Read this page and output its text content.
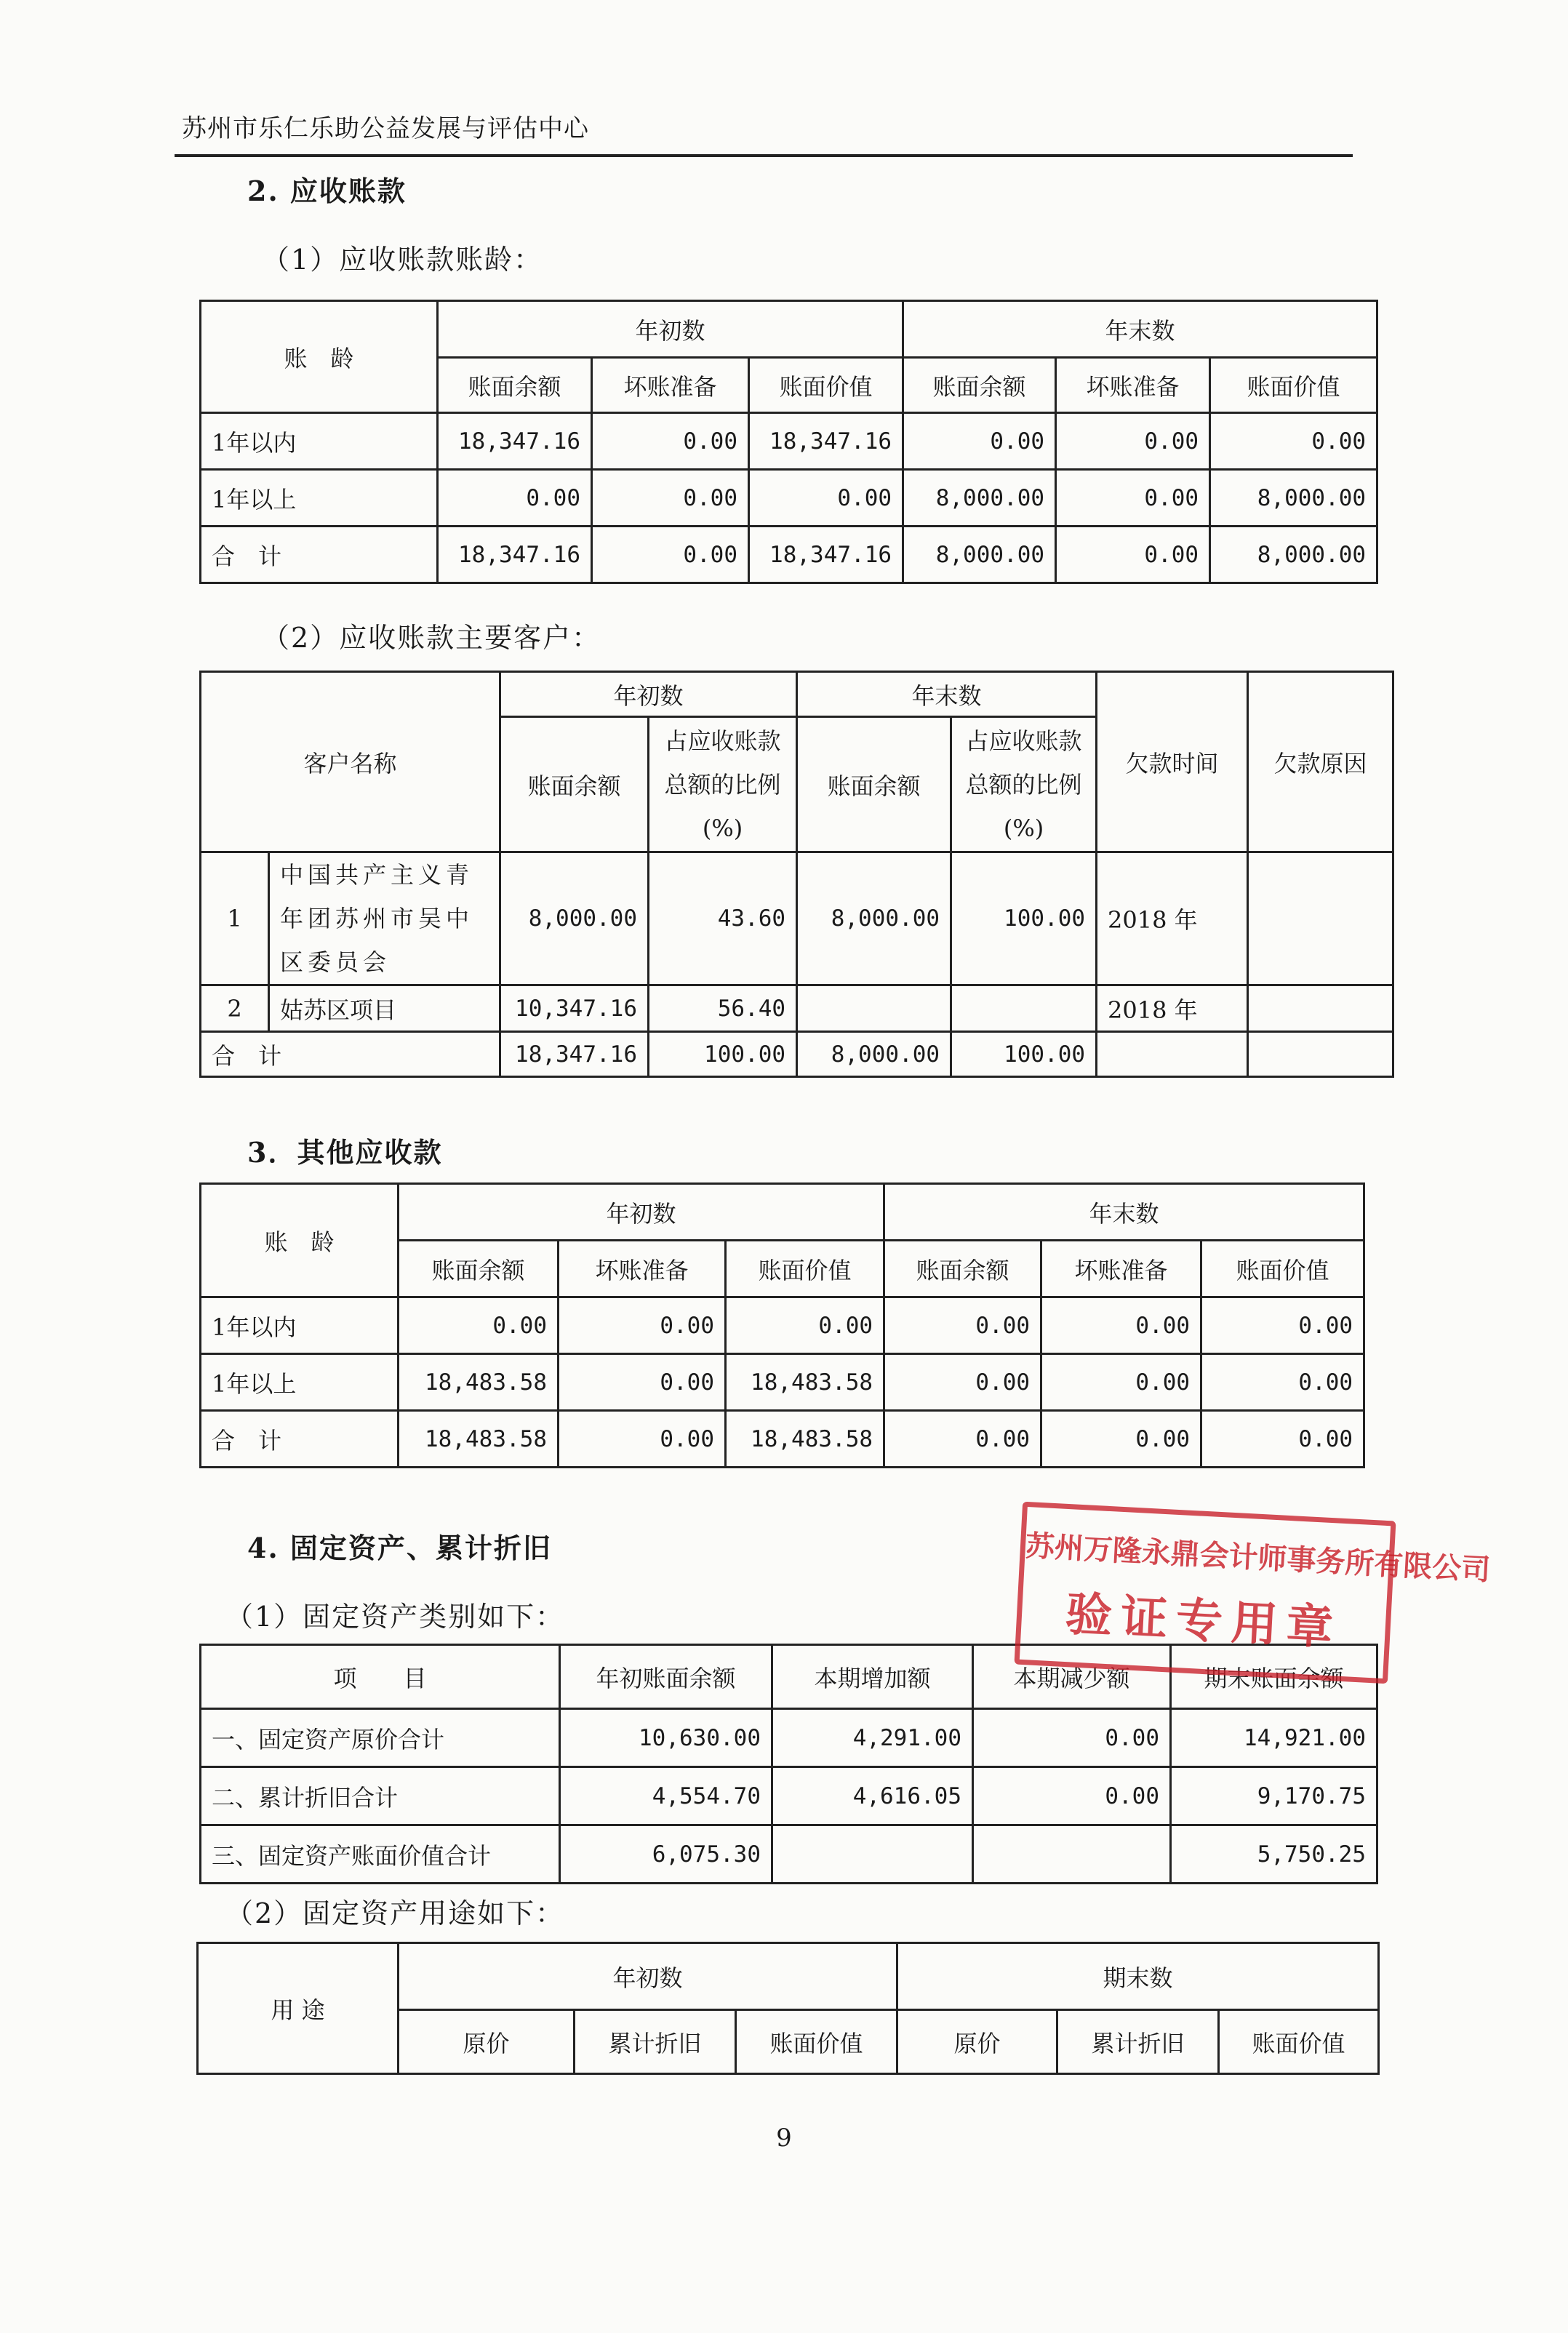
苏州市乐仁乐助公益发展与评估中心
2. 应收账款
（1）应收账款账龄：
账　龄	年初数			年末数		
	账面余额	坏账准备	账面价值	账面余额	坏账准备	账面价值
1年以内	18,347.16	0.00	18,347.16	0.00	0.00	0.00
1年以上	0.00	0.00	0.00	8,000.00	0.00	8,000.00
合　计	18,347.16	0.00	18,347.16	8,000.00	0.00	8,000.00
（2）应收账款主要客户：
客户名称		年初数		年末数		欠款时间	欠款原因
		账面余额	占应收账款总额的比例(%)	账面余额	占应收账款总额的比例(%)		
1	中国共产主义青年团苏州市吴中区委员会	8,000.00	43.60	8,000.00	100.00	2018 年	
2	姑苏区项目	10,347.16	56.40			2018 年	
合　计		18,347.16	100.00	8,000.00	100.00		
3．其他应收款
账　龄	年初数			年末数		
	账面余额	坏账准备	账面价值	账面余额	坏账准备	账面价值
1年以内	0.00	0.00	0.00	0.00	0.00	0.00
1年以上	18,483.58	0.00	18,483.58	0.00	0.00	0.00
合　计	18,483.58	0.00	18,483.58	0.00	0.00	0.00
4. 固定资产、累计折旧
（1）固定资产类别如下：
项　　目	年初账面余额	本期增加额	本期减少额	期末账面余额
一、固定资产原价合计	10,630.00	4,291.00	0.00	14,921.00
二、累计折旧合计	4,554.70	4,616.05	0.00	9,170.75
三、固定资产账面价值合计	6,075.30			5,750.25
（2）固定资产用途如下：
用 途	年初数			期末数		
	原价	累计折旧	账面价值	原价	累计折旧	账面价值
苏州万隆永鼎会计师事务所有限公司
验证专用章
9
